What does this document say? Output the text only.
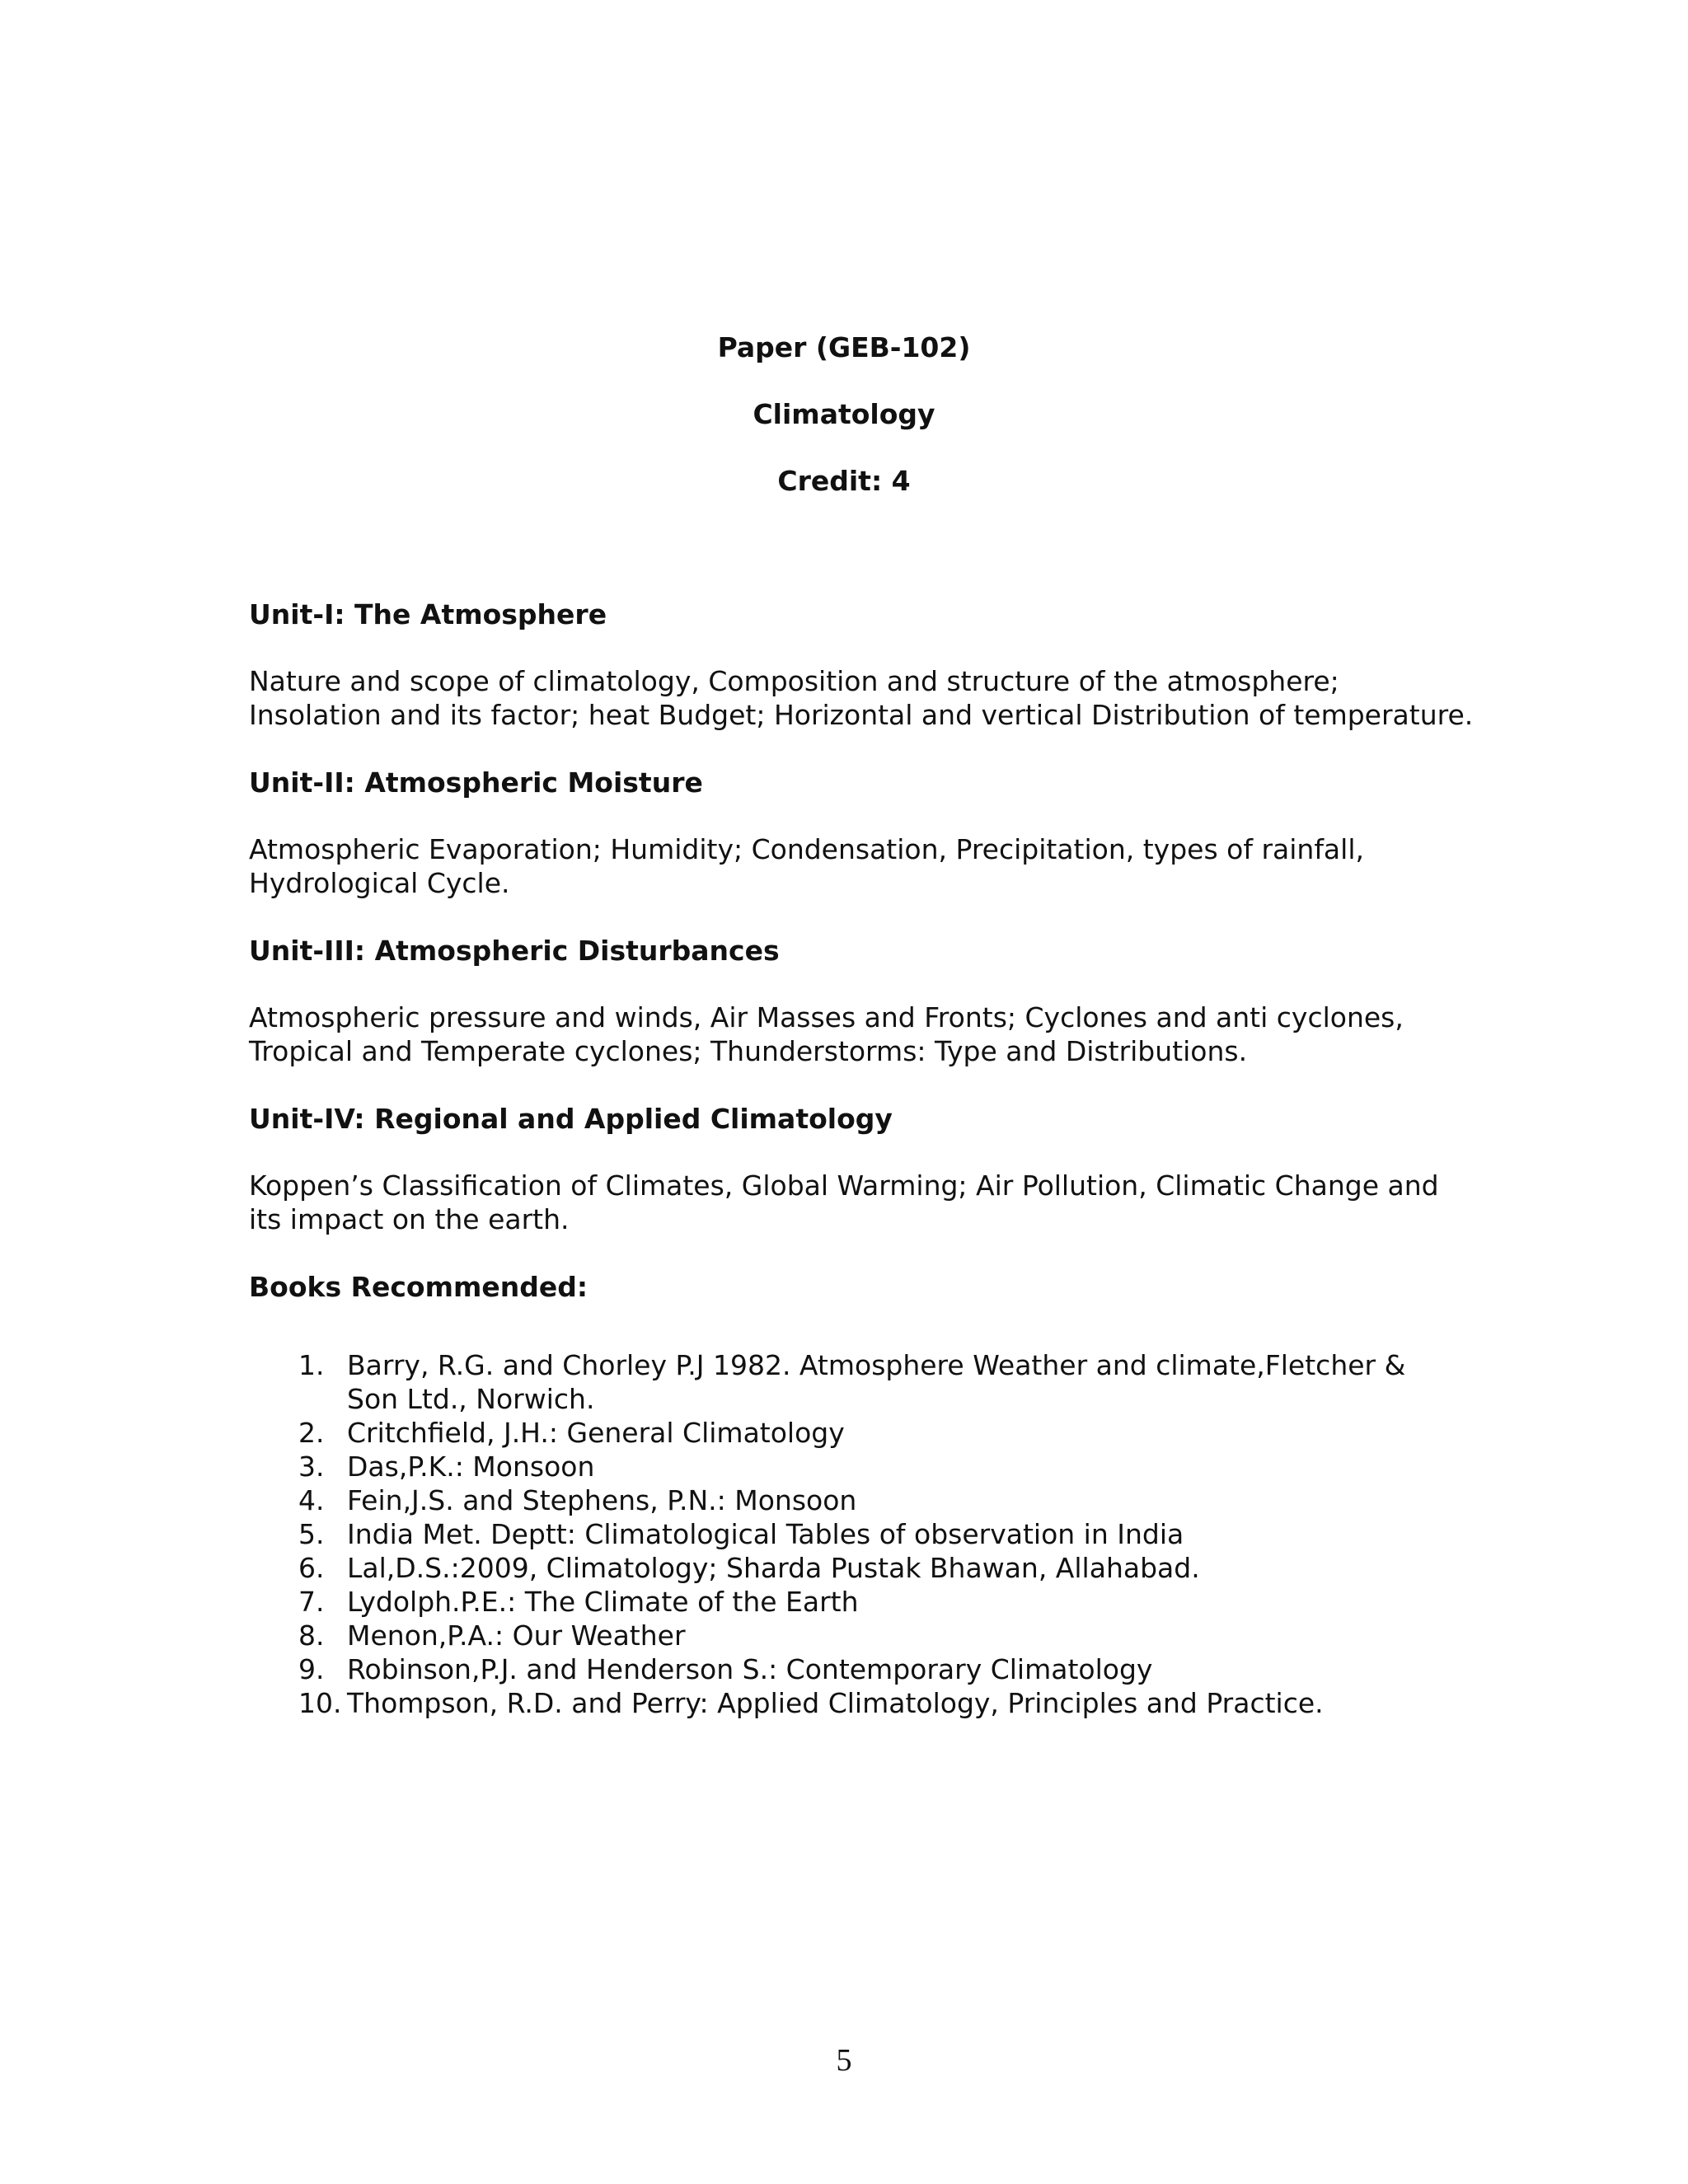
Paper (GEB-102)
Climatology
Credit: 4
Unit-I: The Atmosphere
Nature and scope of climatology, Composition and structure of the atmosphere;
Insolation and its factor; heat Budget; Horizontal and vertical Distribution of temperature.
Unit-II: Atmospheric Moisture
Atmospheric Evaporation; Humidity; Condensation, Precipitation, types of rainfall,
Hydrological Cycle.
Unit-III: Atmospheric Disturbances
Atmospheric pressure and winds, Air Masses and Fronts; Cyclones and anti cyclones,
Tropical and Temperate cyclones; Thunderstorms: Type and Distributions.
Unit-IV: Regional and Applied Climatology
Koppen’s Classification of Climates, Global Warming; Air Pollution, Climatic Change and
its impact on the earth.
Books Recommended:
1. Barry, R.G. and Chorley P.J 1982. Atmosphere Weather and climate,Fletcher &
Son Ltd., Norwich.
2. Critchfield, J.H.: General Climatology
3. Das,P.K.: Monsoon
4. Fein,J.S. and Stephens, P.N.: Monsoon
5. India Met. Deptt: Climatological Tables of observation in India
6. Lal,D.S.:2009, Climatology; Sharda Pustak Bhawan, Allahabad.
7. Lydolph.P.E.: The Climate of the Earth
8. Menon,P.A.: Our Weather
9. Robinson,P.J. and Henderson S.: Contemporary Climatology
10. Thompson, R.D. and Perry: Applied Climatology, Principles and Practice.
5
